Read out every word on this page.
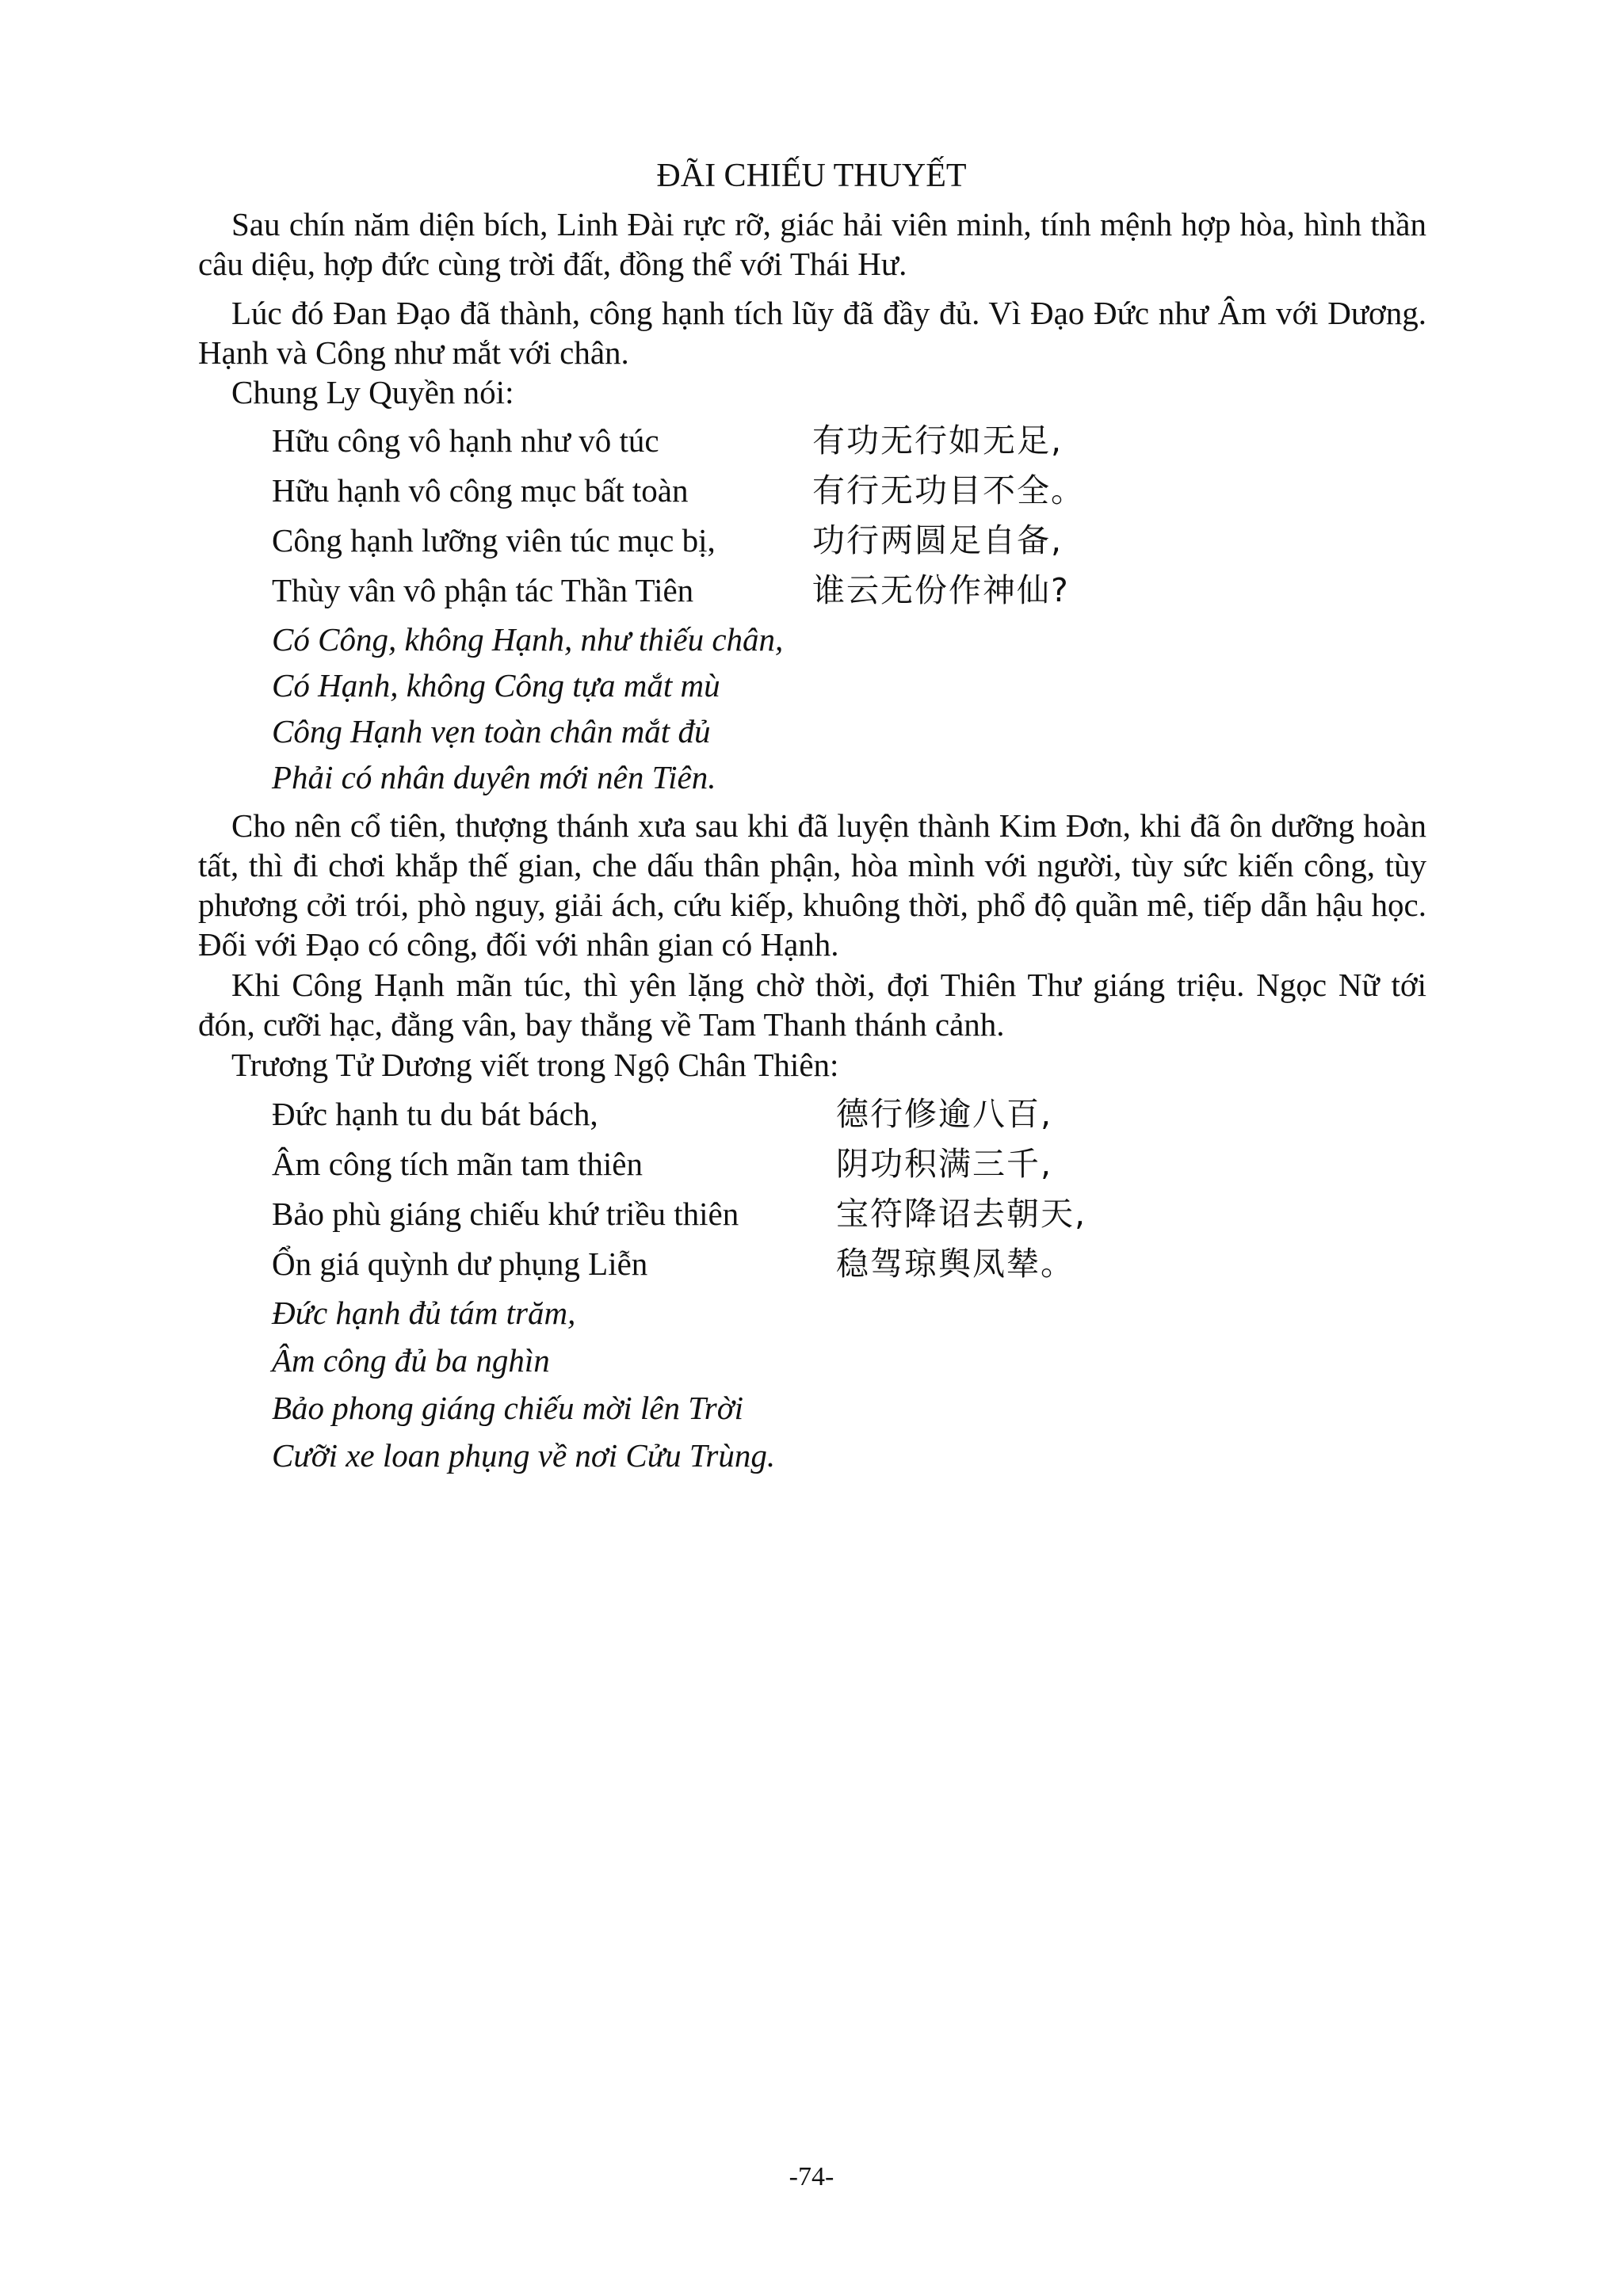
ĐÃI CHIẾU THUYẾT

Sau chín năm diện bích, Linh Đài rực rỡ, giác hải viên minh, tính mệnh hợp hòa, hình thần câu diệu, hợp đức cùng trời đất, đồng thể với Thái Hư.

Lúc đó Đan Đạo đã thành, công hạnh tích lũy đã đầy đủ. Vì Đạo Đức như Âm với Dương. Hạnh và Công như mắt với chân.

Chung Ly Quyền nói:
Hữu công vô hạnh như vô túc	有功无行如无足,
Hữu hạnh vô công mục bất toàn	有行无功目不全。
Công hạnh lưỡng viên túc mục bị,	功行两圆足自备,
Thùy vân vô phận tác Thần Tiên	谁云无份作神仙?
Có Công, không Hạnh, như thiếu chân,
Có Hạnh, không Công tựa mắt mù
Công Hạnh vẹn toàn chân mắt đủ
Phải có nhân duyên mới nên Tiên.

Cho nên cổ tiên, thượng thánh xưa sau khi đã luyện thành Kim Đơn, khi đã ôn dưỡng hoàn tất, thì đi chơi khắp thế gian, che dấu thân phận, hòa mình với người, tùy sức kiến công, tùy phương cởi trói, phò nguy, giải ách, cứu kiếp, khuông thời, phổ độ quần mê, tiếp dẫn hậu học. Đối với Đạo có công, đối với nhân gian có Hạnh.

Khi Công Hạnh mãn túc, thì yên lặng chờ thời, đợi Thiên Thư giáng triệu. Ngọc Nữ tới đón, cưỡi hạc, đằng vân, bay thẳng về Tam Thanh thánh cảnh.

Trương Tử Dương viết trong Ngộ Chân Thiên:
Đức hạnh tu du bát bách,	德行修逾八百,
Âm công tích mãn tam thiên	阴功积满三千,
Bảo phù giáng chiếu khứ triều thiên	宝符降诏去朝天,
Ổn giá quỳnh dư phụng Liễn	稳驾琼舆凤辇。
Đức hạnh đủ tám trăm,
Âm công đủ ba nghìn
Bảo phong giáng chiếu mời lên Trời
Cưỡi xe loan phụng về nơi Cửu Trùng.
-74-
